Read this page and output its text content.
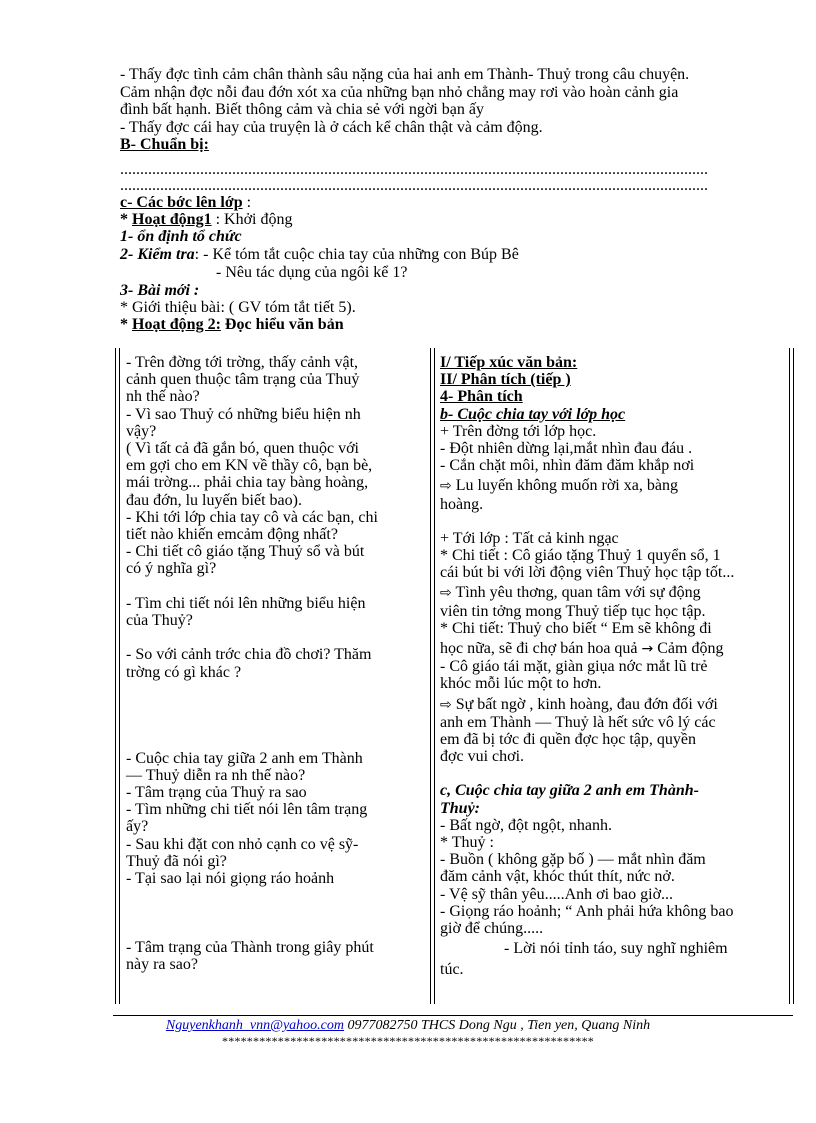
- Thấy đợc tình cảm chân thành sâu nặng của hai anh em Thành- Thuỷ trong câu chuyện.
Cảm nhận đợc nỗi đau đớn xót xa của những bạn nhỏ chẳng may rơi vào hoàn cảnh gia
đình bất hạnh. Biết thông cảm và chia sẻ với ngời bạn ấy
- Thấy đợc cái hay của truyện là ở cách kể chân thật và cảm động.
B- Chuẩn bị:
...................................................................................................................................................
...................................................................................................................................................
c- Các bớc lên lớp :
* Hoạt động1 : Khởi động
1- ổn định tổ chức
2- Kiểm tra: - Kể tóm tắt cuộc chia tay của những con Búp Bê
- Nêu tác dụng của ngôi kể 1?
3- Bài mới :
* Giới thiệu bài: ( GV tóm tắt tiết 5).
* Hoạt động 2: Đọc hiểu văn bản
- Trên đờng tới trờng, thấy cảnh vật,
cảnh quen thuộc tâm trạng của Thuỷ
nh thế nào?
- Vì sao Thuỷ có những biểu hiện nh
vậy?
( Vì tất cả đã gắn bó, quen thuộc với
em gợi cho em KN về thầy cô, bạn bè,
mái trờng... phải chia tay bàng hoàng,
đau đớn, lu luyến biết bao).
- Khi tới lớp chia tay cô và các bạn, chi
tiết nào khiến emcảm động nhất?
- Chi tiết cô giáo tặng Thuỷ sổ và bút
có ý nghĩa gì?
- Tìm chi tiết nói lên những biểu hiện
của Thuỷ?
- So với cảnh trớc chia đồ chơi? Thăm
trờng có gì khác ?
- Cuộc chia tay giữa 2 anh em Thành
— Thuỷ diễn ra nh thế nào?
- Tâm trạng của Thuỷ ra sao
- Tìm những chi tiết nói lên tâm trạng
ấy?
- Sau khi đặt con nhỏ cạnh co vệ sỹ-
Thuỷ đã nói gì?
- Tại sao lại nói giọng ráo hoảnh
- Tâm trạng của Thành trong giây phút
này ra sao?
I/ Tiếp xúc văn bản:
II/ Phân tích (tiếp )
4- Phân tích
b- Cuộc chia tay với lớp học
+ Trên đờng tới lớp học.
- Đột nhiên dừng lại,mắt nhìn đau đáu .
- Cắn chặt môi, nhìn đăm đăm khắp nơi
⇨ Lu luyến không muốn rời xa, bàng
hoàng.
+ Tới lớp : Tất cả kinh ngạc
* Chi tiết : Cô giáo tặng Thuỷ 1 quyển sổ, 1
cái bút bi với lời động viên Thuỷ học tập tốt...
⇨ Tình yêu thơng, quan tâm với sự động
viên tin tởng mong Thuỷ tiếp tục học tập.
* Chi tiết: Thuỷ cho biết “ Em sẽ không đi
học nữa, sẽ đi chợ bán hoa quả → Cảm động
- Cô giáo tái mặt, giàn giụa nớc mắt lũ trẻ
khóc mỗi lúc một to hơn.
⇨ Sự bất ngờ , kinh hoàng, đau đớn đối với
anh em Thành — Thuỷ là hết sức vô lý các
em đã bị tớc đi quền đợc học tập, quyền
đợc vui chơi.
c, Cuộc chia tay giữa 2 anh em Thành-
Thuỷ:
- Bất ngờ, đột ngột, nhanh.
* Thuỷ :
- Buồn ( không gặp bố ) — mắt nhìn đăm
đăm cảnh vật, khóc thút thít, nức nở.
- Vệ sỹ thân yêu.....Anh ơi bao giờ...
- Giọng ráo hoảnh; “ Anh phải hứa không bao
giờ để chúng.....
- Lời nói tỉnh táo, suy nghĩ nghiêm
túc.
Nguyenkhanh_vnn@yahoo.com 0977082750 THCS Dong Ngu , Tien yen, Quang Ninh
************************************************************
